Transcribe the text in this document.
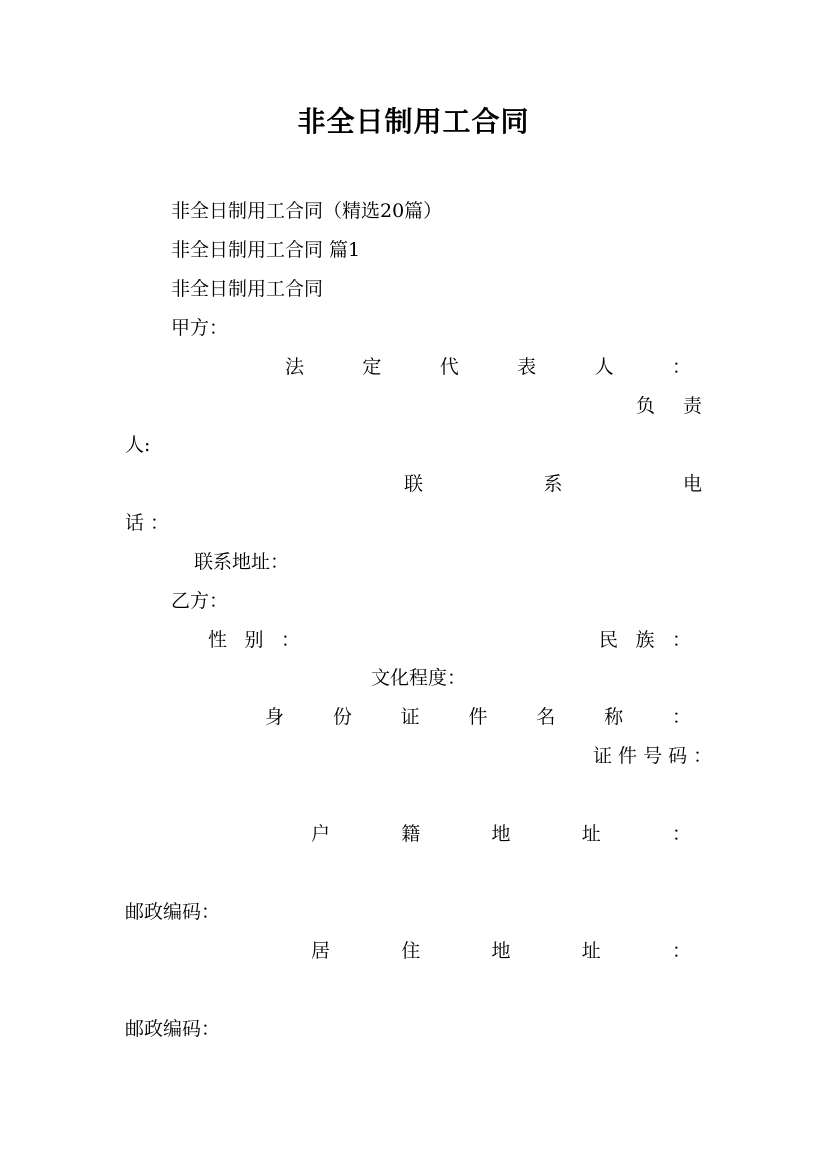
非全日制用工合同
非全日制用工合同（精选20篇）
非全日制用工合同 篇1
非全日制用工合同
甲方：
法	定	代	表	人	：
负 责
人:
联	系	电
话 ：
联系地址：
乙方：
性 别 ：	民 族 ：
文化程度：
身	份	证	件	名	称	：
证 件 号 码 ：
户	籍	地	址	：
邮政编码：
居	住	地	址	：
邮政编码：
